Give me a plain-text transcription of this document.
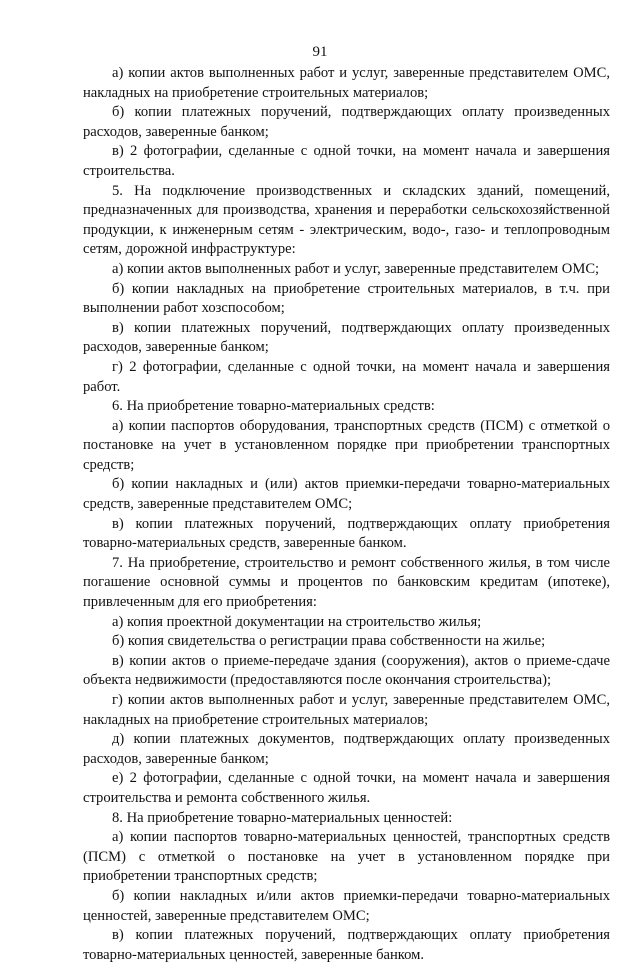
91

а) копии актов выполненных работ и услуг, заверенные представителем ОМС, накладных на приобретение строительных материалов;

б) копии платежных поручений, подтверждающих оплату произведенных расходов, заверенные банком;

в) 2 фотографии, сделанные с одной точки, на момент начала и завершения строительства.

5. На подключение производственных и складских зданий, помещений, предназначенных для производства, хранения и переработки сельскохозяйственной продукции, к инженерным сетям - электрическим, водо-, газо- и теплопроводным сетям, дорожной инфраструктуре:

а) копии актов выполненных работ и услуг, заверенные представителем ОМС;

б) копии накладных на приобретение строительных материалов, в т.ч. при выполнении работ хозспособом;

в) копии платежных поручений, подтверждающих оплату произведенных расходов, заверенные банком;

г) 2 фотографии, сделанные с одной точки, на момент начала и завершения работ.

6. На приобретение товарно-материальных средств:

а) копии паспортов оборудования, транспортных средств (ПСМ) с отметкой о постановке на учет в установленном порядке при приобретении транспортных средств;

б) копии накладных и (или) актов приемки-передачи товарно-материальных средств, заверенные представителем ОМС;

в) копии платежных поручений, подтверждающих оплату приобретения товарно-материальных средств, заверенные банком.

7. На приобретение, строительство и ремонт собственного жилья, в том числе погашение основной суммы и процентов по банковским кредитам (ипотеке), привлеченным для его приобретения:

а) копия проектной документации на строительство жилья;

б) копия свидетельства о регистрации права собственности на жилье;

в) копии актов о приеме-передаче здания (сооружения), актов о приеме-сдаче объекта недвижимости (предоставляются после окончания строительства);

г) копии актов выполненных работ и услуг, заверенные представителем ОМС, накладных на приобретение строительных материалов;

д) копии платежных документов, подтверждающих оплату произведенных расходов, заверенные банком;

е) 2 фотографии, сделанные с одной точки, на момент начала и завершения строительства и ремонта собственного жилья.

8. На приобретение товарно-материальных ценностей:

а) копии паспортов товарно-материальных ценностей, транспортных средств (ПСМ) с отметкой о постановке на учет в установленном порядке при приобретении транспортных средств;

б) копии накладных и/или актов приемки-передачи товарно-материальных ценностей, заверенные представителем ОМС;

в) копии платежных поручений, подтверждающих оплату приобретения товарно-материальных ценностей, заверенные банком.
